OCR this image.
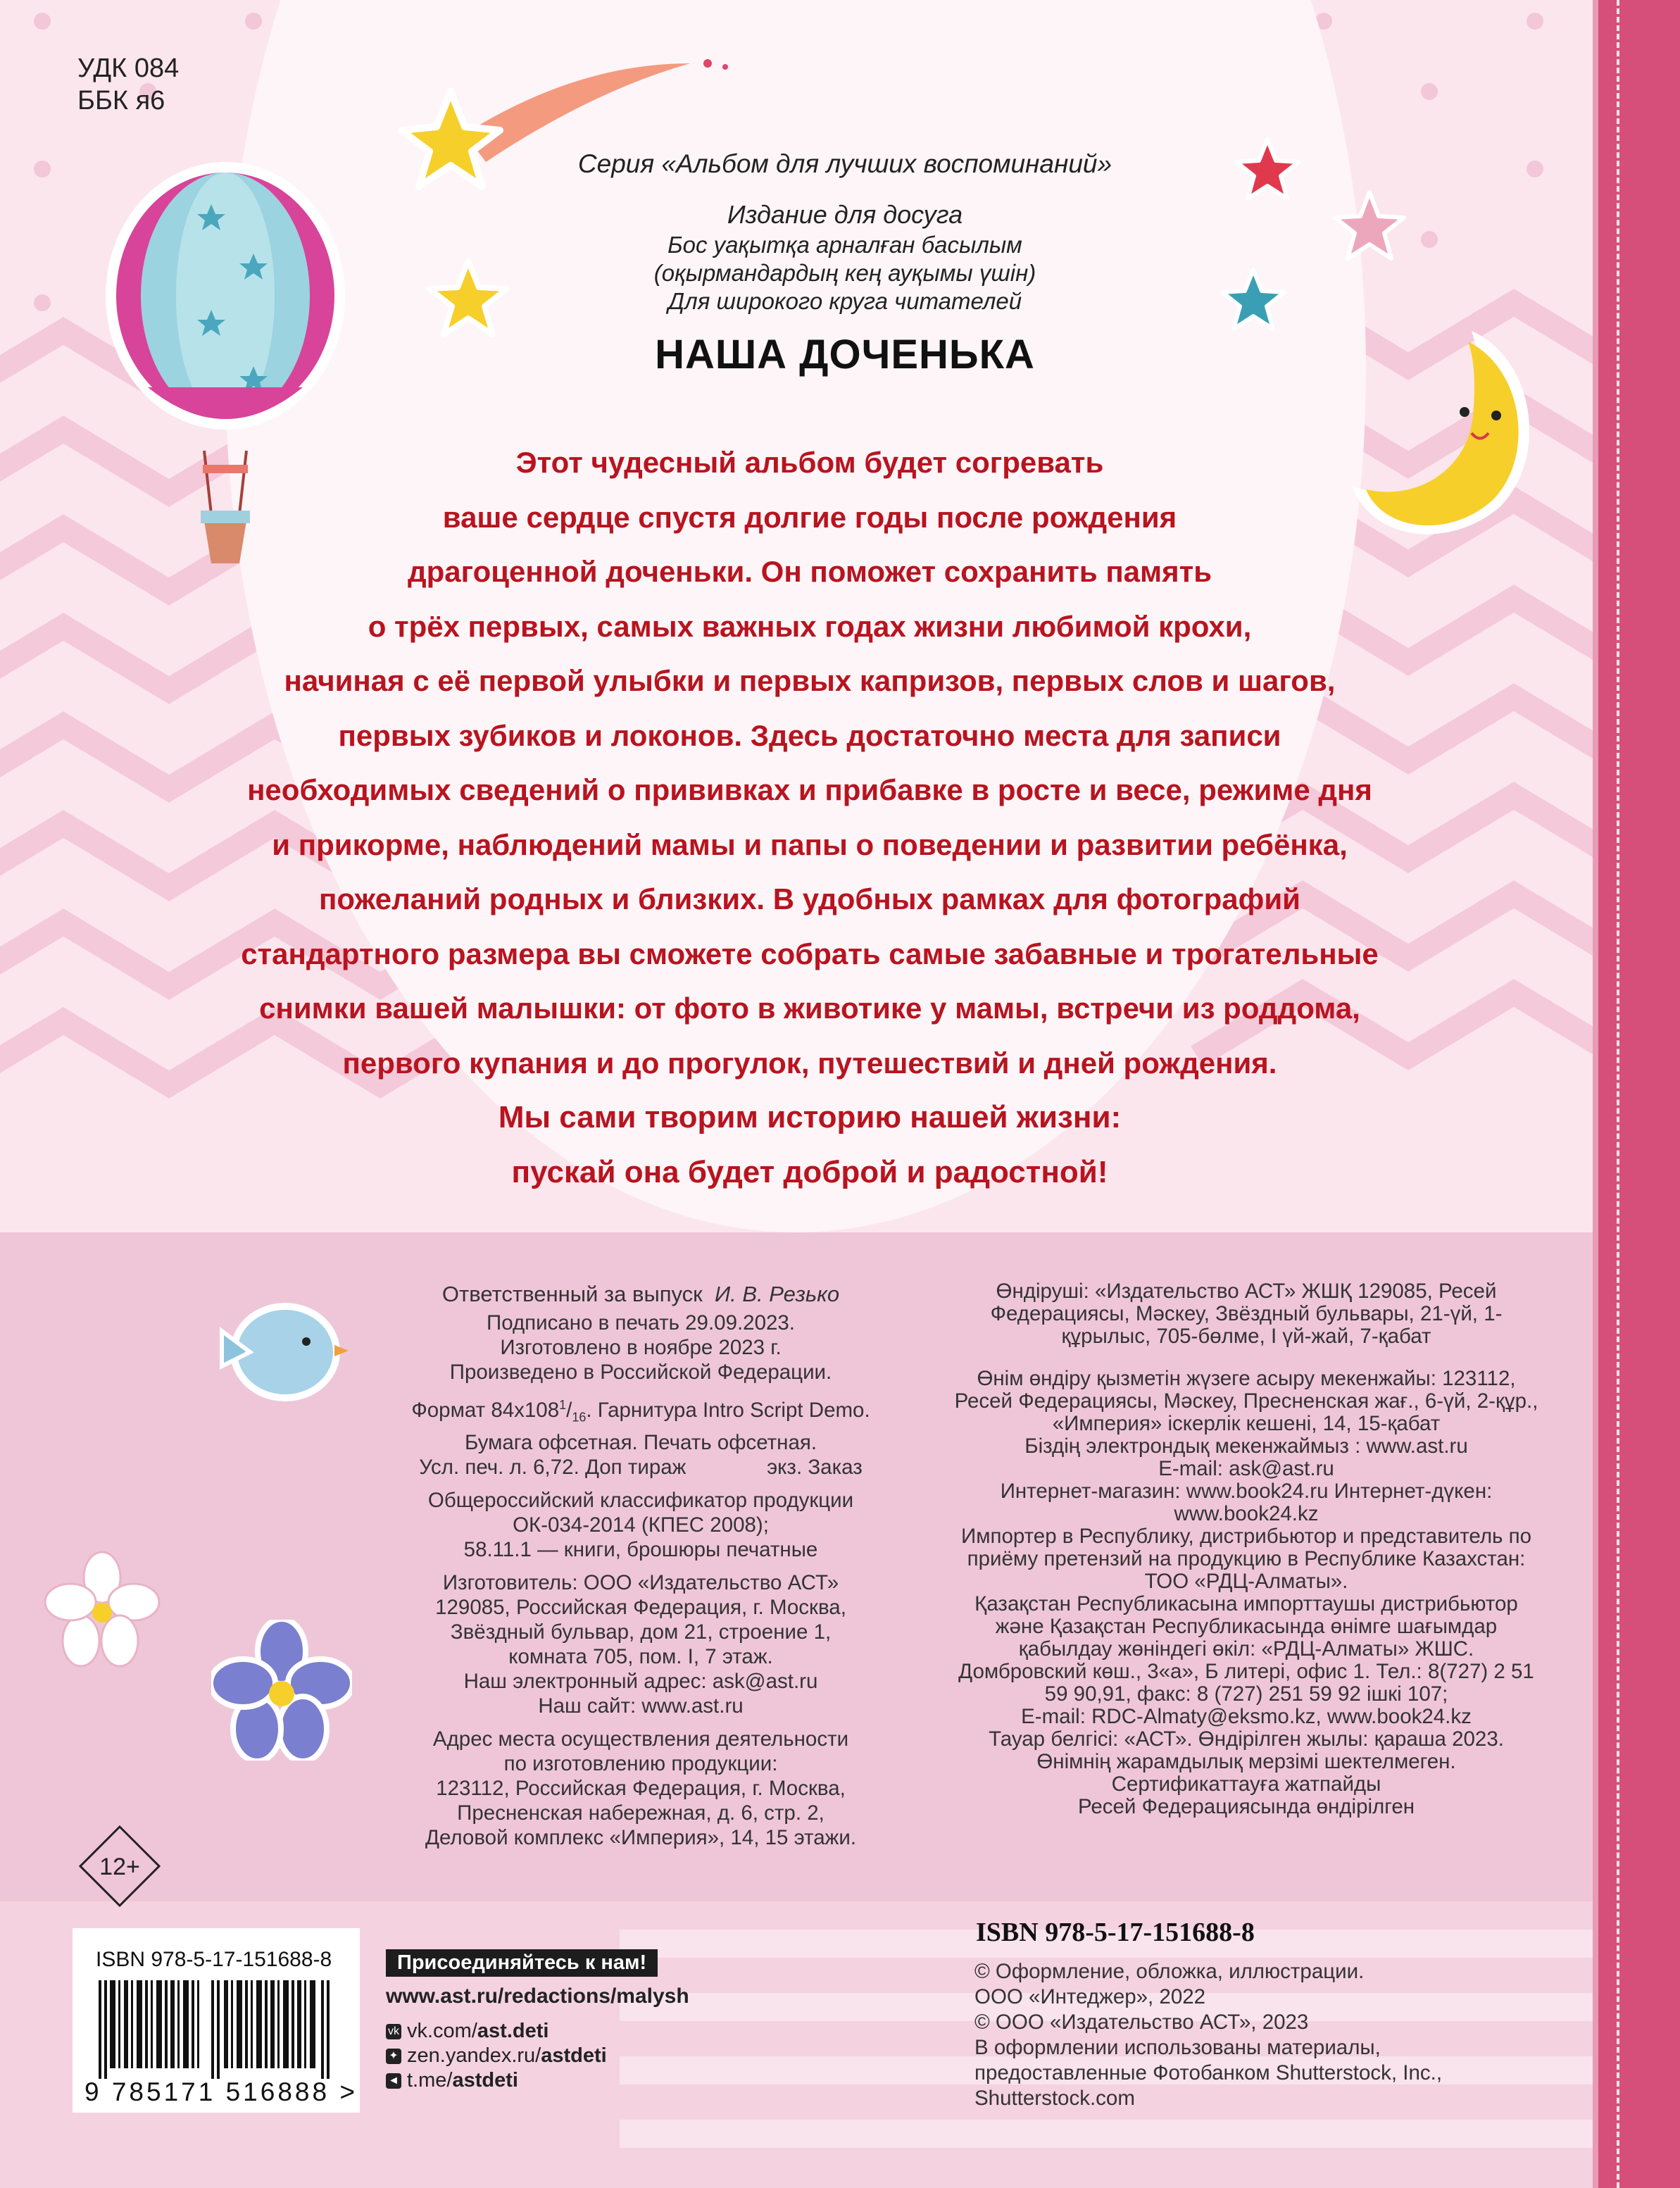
УДК 084
ББК я6
Серия «Альбом для лучших воспоминаний»
Издание для досуга
Бос уақытқа арналған басылым
(оқырмандардың кең ауқымы үшін)
Для широкого круга читателей
НАША ДОЧЕНЬКА
Этот чудесный альбом будет согревать
ваше сердце спустя долгие годы после рождения
драгоценной доченьки. Он поможет сохранить память
о трёх первых, самых важных годах жизни любимой крохи,
начиная с её первой улыбки и первых капризов, первых слов и шагов,
первых зубиков и локонов. Здесь достаточно места для записи
необходимых сведений о прививках и прибавке в росте и весе, режиме дня
и прикорме, наблюдений мамы и папы о поведении и развитии ребёнка,
пожеланий родных и близких. В удобных рамках для фотографий
стандартного размера вы сможете собрать самые забавные и трогательные
снимки вашей малышки: от фото в животике у мамы, встречи из роддома,
первого купания и до прогулок, путешествий и дней рождения.
Мы сами творим историю нашей жизни:
пускай она будет доброй и радостной!
Ответственный за выпуск И. В. Резько
Подписано в печать 29.09.2023.
Изготовлено в ноябре 2023 г.
Произведено в Российской Федерации.
Формат $84x108^1/_{16}$. Гарнитура Intro Script Demo.
Бумага офсетная. Печать офсетная.
Усл. печ. л. 6,72. Доп тираж              экз. Заказ
Общероссийский классификатор продукции
ОК-034-2014 (КПЕС 2008);
58.11.1 — книги, брошюры печатные
Изготовитель: ООО «Издательство АСТ»
129085, Российская Федерация, г. Москва,
Звёздный бульвар, дом 21, строение 1,
комната 705, пом. I, 7 этаж.
Наш электронный адрес: ask@ast.ru
Наш сайт: www.ast.ru
Адрес места осуществления деятельности
по изготовлению продукции:
123112, Российская Федерация, г. Москва,
Пресненская набережная, д. 6, стр. 2,
Деловой комплекс «Империя», 14, 15 этажи.
Өндіруші: «Издательство АСТ» ЖШҚ 129085, Ресей
Федерациясы, Мәскеу, Звёздный бульвары, 21-үй, 1-
құрылыс, 705-бөлме, I үй-жай, 7-қабат
Өнім өндіру қызметін жүзеге асыру мекенжайы: 123112,
Ресей Федерациясы, Мәскеу, Пресненская жағ., 6-үй, 2-құр.,
«Империя» іскерлік кешені, 14, 15-қабат
Біздің электрондық мекенжаймыз : www.ast.ru
E-mail: ask@ast.ru
Интернет-магазин: www.book24.ru Интернет-дүкен:
www.book24.kz
Импортер в Республику, дистрибьютор и представитель по
приёму претензий на продукцию в Республике Казахстан:
ТОО «РДЦ-Алматы».
Қазақстан Республикасына импорттаушы дистрибьютор
және Қазақстан Республикасында өнімге шағымдар
қабылдау жөніндегі өкіл: «РДЦ-Алматы» ЖШС.
Домбровский көш., 3«а», Б литері, офис 1. Тел.: 8(727) 2 51
59 90,91, факс: 8 (727) 251 59 92 ішкі 107;
E-mail: RDC-Almaty@eksmo.kz, www.book24.kz
Тауар белгісі: «АСТ». Өндірілген жылы: қараша 2023.
Өнімнің жарамдылық мерзімі шектелмеген.
Сертификаттауға жатпайды
Ресей Федерациясында өндірілген
12+
ISBN 978-5-17-151688-8
9 785171 516888 >
Присоединяйтесь к нам!
www.ast.ru/redactions/malysh
vk vk.com/ast.deti
✦ zen.yandex.ru/astdeti
◄ t.me/astdeti
ISBN 978-5-17-151688-8
© Оформление, обложка, иллюстрации.
ООО «Интеджер», 2022
© ООО «Издательство АСТ», 2023
В оформлении использованы материалы,
предоставленные Фотобанком Shutterstock, Inc.,
Shutterstock.com
